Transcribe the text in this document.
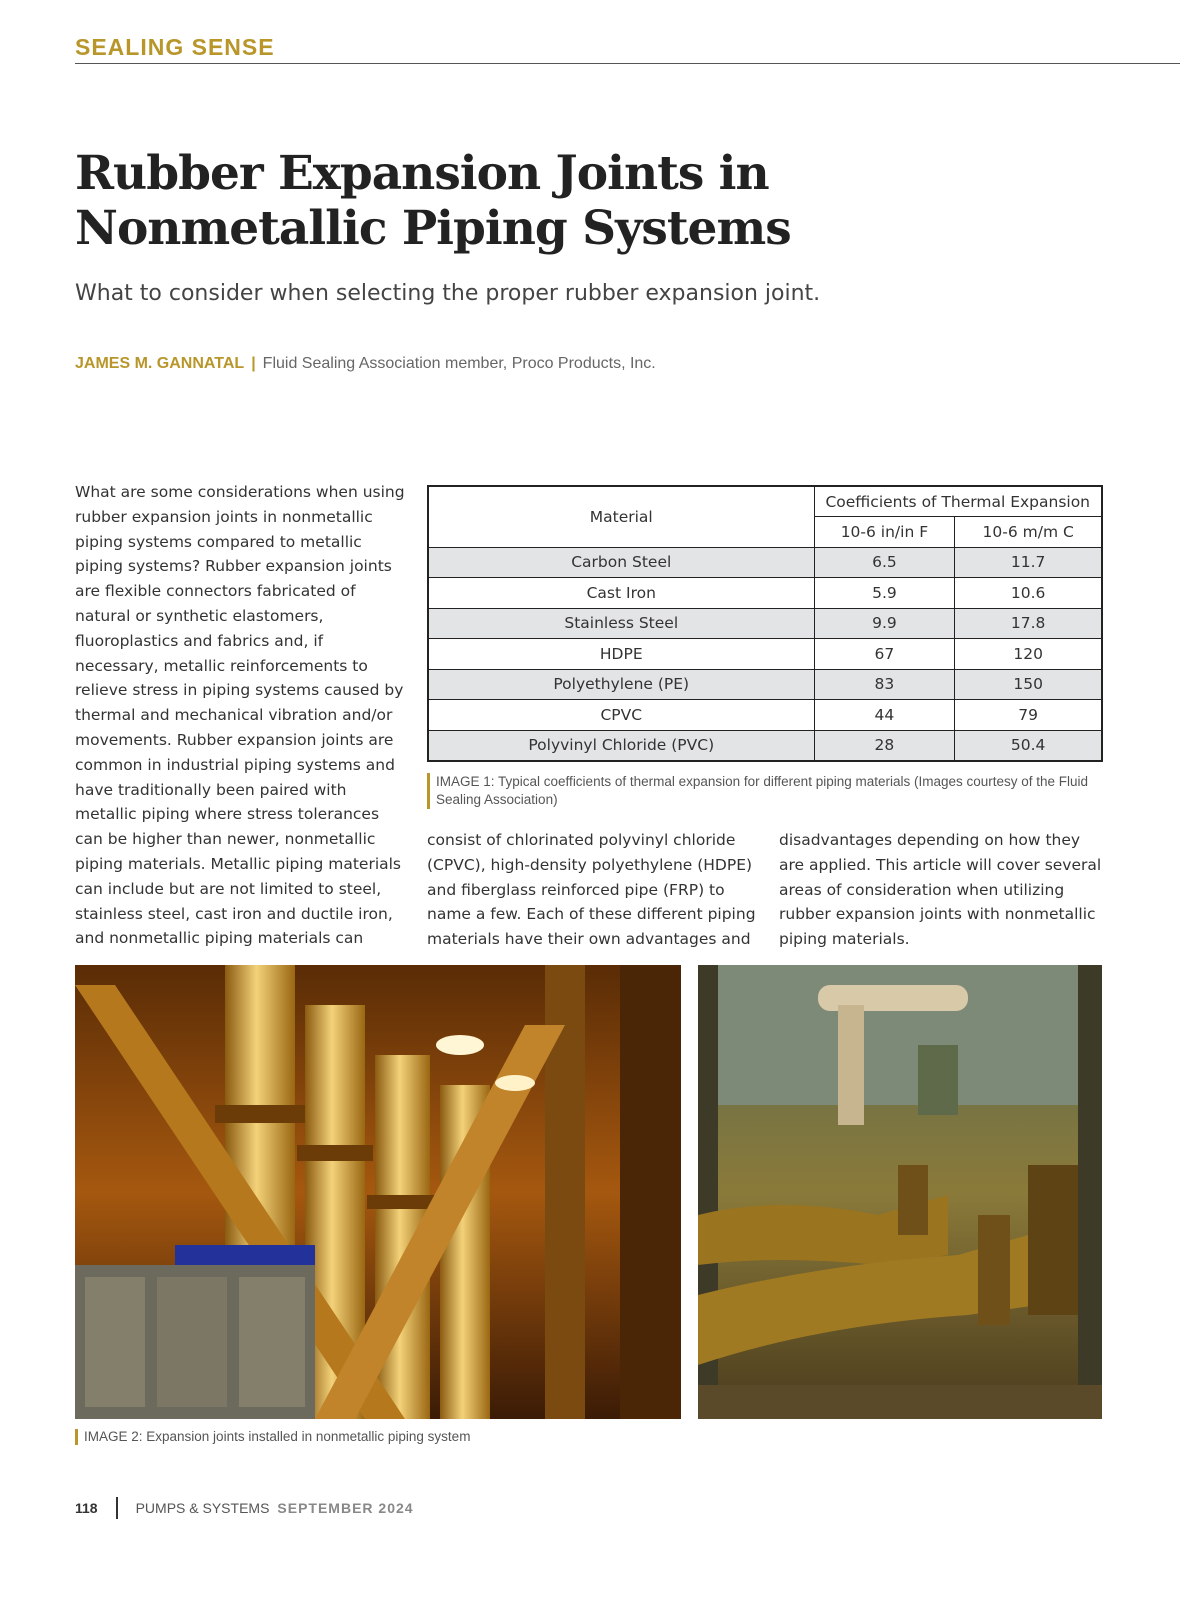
SEALING SENSE
Rubber Expansion Joints in Nonmetallic Piping Systems
What to consider when selecting the proper rubber expansion joint.
JAMES M. GANNATAL | Fluid Sealing Association member, Proco Products, Inc.
What are some considerations when using rubber expansion joints in nonmetallic piping systems compared to metallic piping systems? Rubber expansion joints are flexible connectors fabricated of natural or synthetic elastomers, fluoroplastics and fabrics and, if necessary, metallic reinforcements to relieve stress in piping systems caused by thermal and mechanical vibration and/or movements. Rubber expansion joints are common in industrial piping systems and have traditionally been paired with metallic piping where stress tolerances can be higher than newer, nonmetallic piping materials. Metallic piping materials can include but are not limited to steel, stainless steel, cast iron and ductile iron, and nonmetallic piping materials can
Material	Coefficients of Thermal Expansion	
	10-6 in/in F	10-6 m/m C
Carbon Steel	6.5	11.7
Cast Iron	5.9	10.6
Stainless Steel	9.9	17.8
HDPE	67	120
Polyethylene (PE)	83	150
CPVC	44	79
Polyvinyl Chloride (PVC)	28	50.4
IMAGE 1: Typical coefficients of thermal expansion for different piping materials (Images courtesy of the Fluid Sealing Association)
consist of chlorinated polyvinyl chloride (CPVC), high-density polyethylene (HDPE) and fiberglass reinforced pipe (FRP) to name a few. Each of these different piping materials have their own advantages and
disadvantages depending on how they are applied. This article will cover several areas of consideration when utilizing rubber expansion joints with nonmetallic piping materials.
IMAGE 2: Expansion joints installed in nonmetallic piping system
118	PUMPS & SYSTEMS SEPTEMBER 2024
